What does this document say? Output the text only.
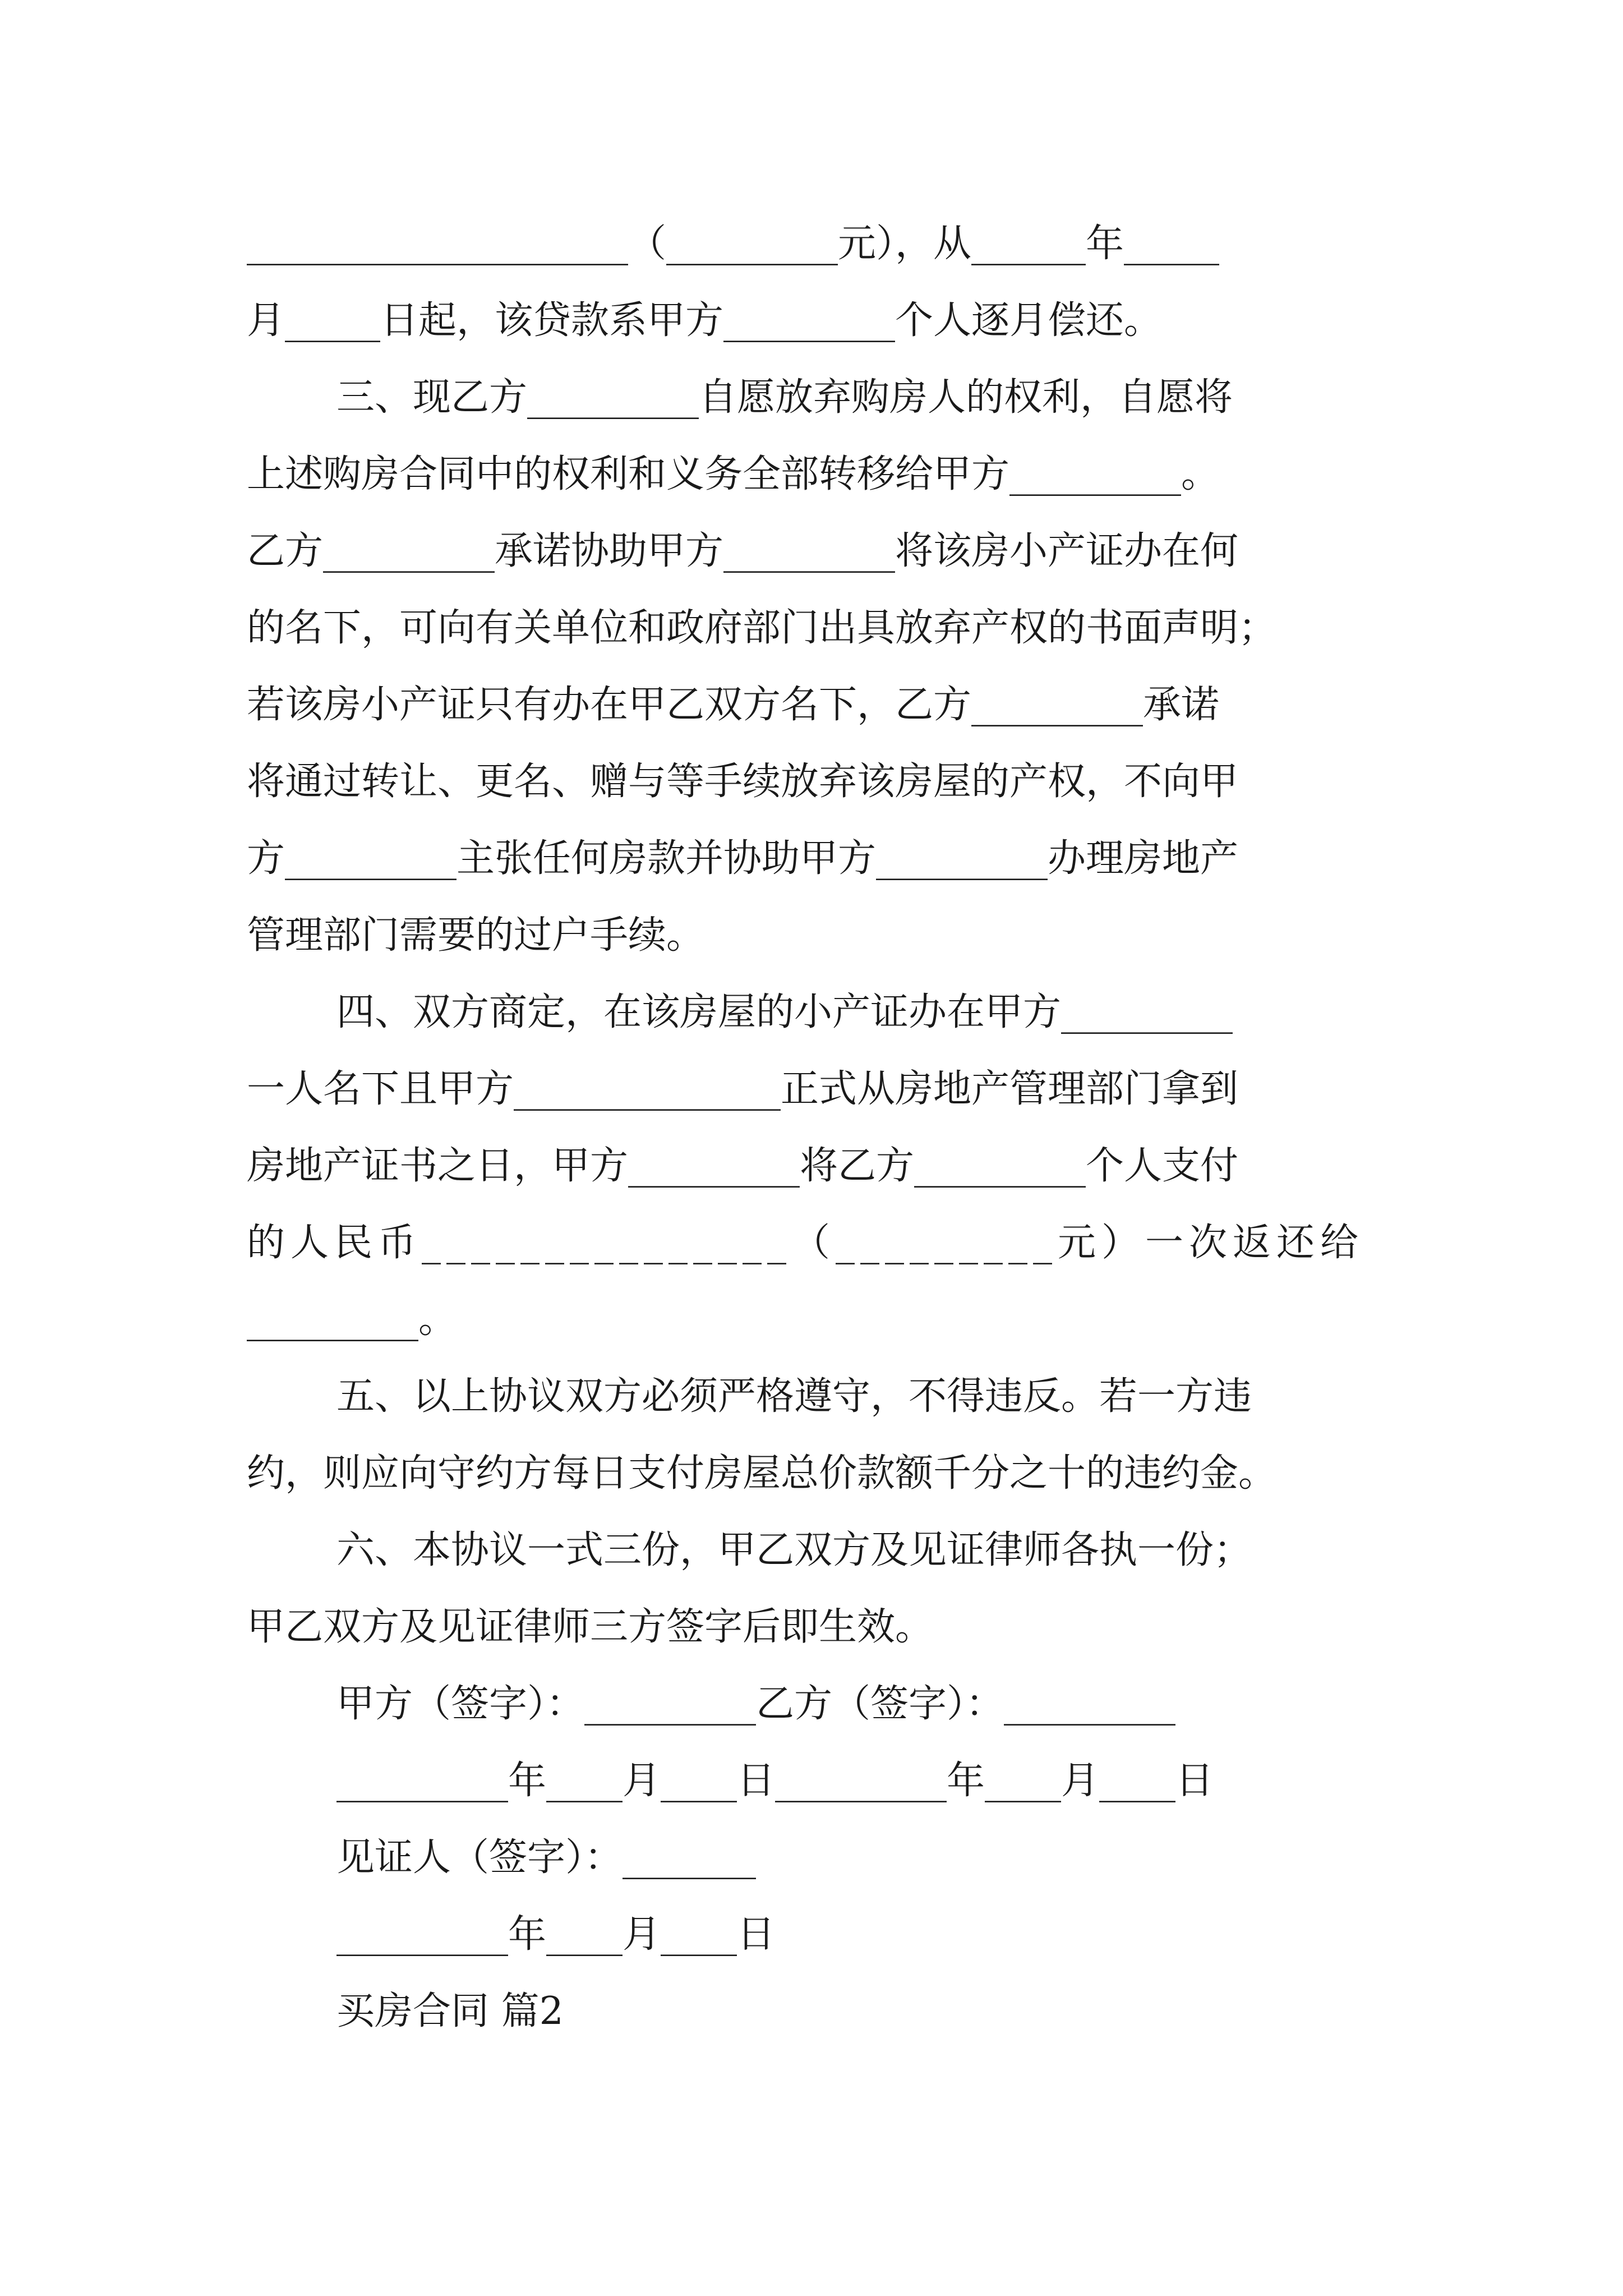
____________________（_________元），从______年_____
月_____日起，该贷款系甲方_________个人逐月偿还。
三、现乙方_________自愿放弃购房人的权利，自愿将
上述购房合同中的权利和义务全部转移给甲方_________。
乙方_________承诺协助甲方_________将该房小产证办在何
的名下，可向有关单位和政府部门出具放弃产权的书面声明；
若该房小产证只有办在甲乙双方名下，乙方_________承诺
将通过转让、更名、赠与等手续放弃该房屋的产权，不向甲
方_________主张任何房款并协助甲方_________办理房地产
管理部门需要的过户手续。
四、双方商定，在该房屋的小产证办在甲方_________
一人名下且甲方______________正式从房地产管理部门拿到
房地产证书之日，甲方_________将乙方_________个人支付
的人民币_______________（_________元）一次返还给
_________。
五、以上协议双方必须严格遵守，不得违反。若一方违
约，则应向守约方每日支付房屋总价款额千分之十的违约金。
六、本协议一式三份，甲乙双方及见证律师各执一份；
甲乙双方及见证律师三方签字后即生效。
甲方（签字）：_________乙方（签字）：_________
_________年____月____日_________年____月____日
见证人（签字）：_______
_________年____月____日
买房合同 篇2
